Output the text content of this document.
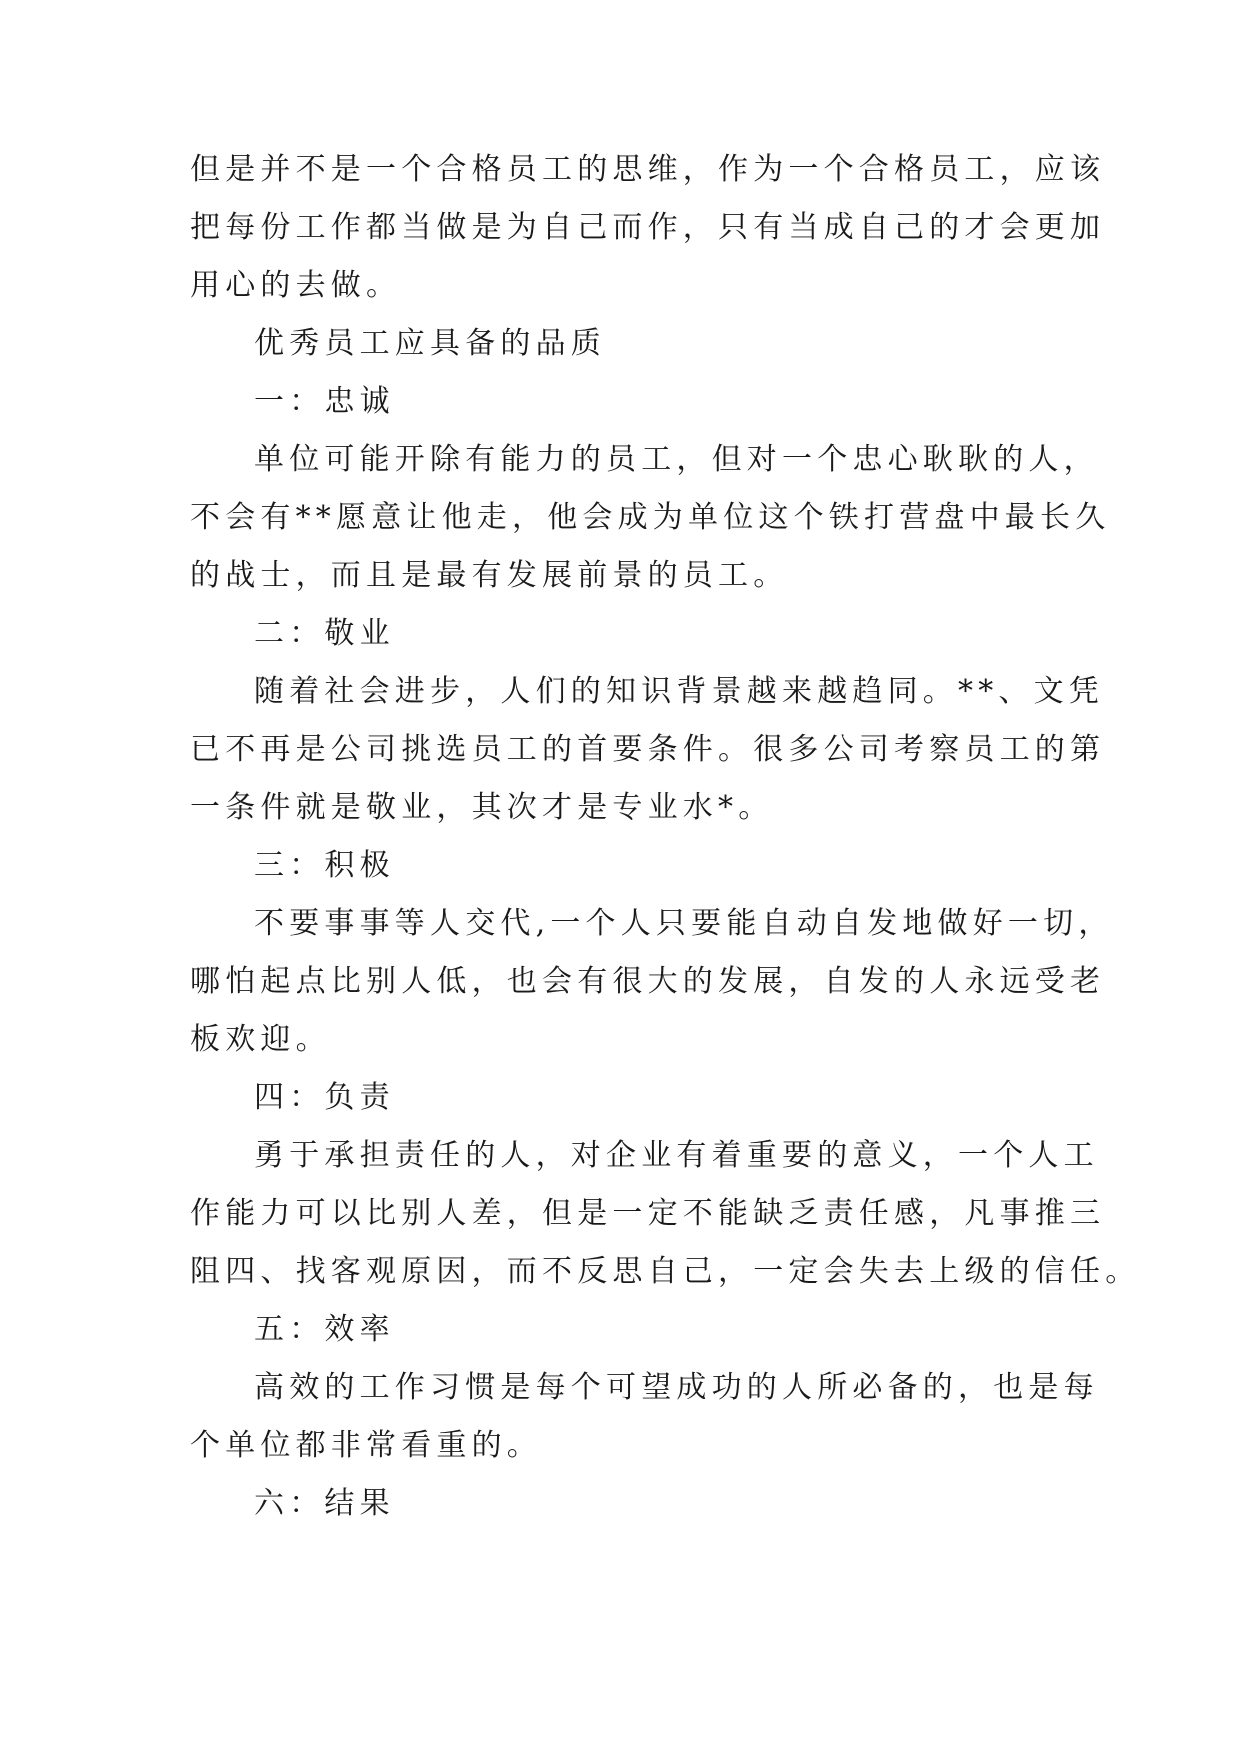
但是并不是一个合格员工的思维，作为一个合格员工，应该
把每份工作都当做是为自己而作，只有当成自己的才会更加
用心的去做。
优秀员工应具备的品质
一：忠诚
单位可能开除有能力的员工，但对一个忠心耿耿的人，
不会有**愿意让他走，他会成为单位这个铁打营盘中最长久
的战士，而且是最有发展前景的员工。
二：敬业
随着社会进步，人们的知识背景越来越趋同。**、文凭
已不再是公司挑选员工的首要条件。很多公司考察员工的第
一条件就是敬业，其次才是专业水*。
三：积极
不要事事等人交代,一个人只要能自动自发地做好一切，
哪怕起点比别人低，也会有很大的发展，自发的人永远受老
板欢迎。
四：负责
勇于承担责任的人，对企业有着重要的意义，一个人工
作能力可以比别人差，但是一定不能缺乏责任感，凡事推三
阻四、找客观原因，而不反思自己，一定会失去上级的信任。
五：效率
高效的工作习惯是每个可望成功的人所必备的，也是每
个单位都非常看重的。
六：结果
